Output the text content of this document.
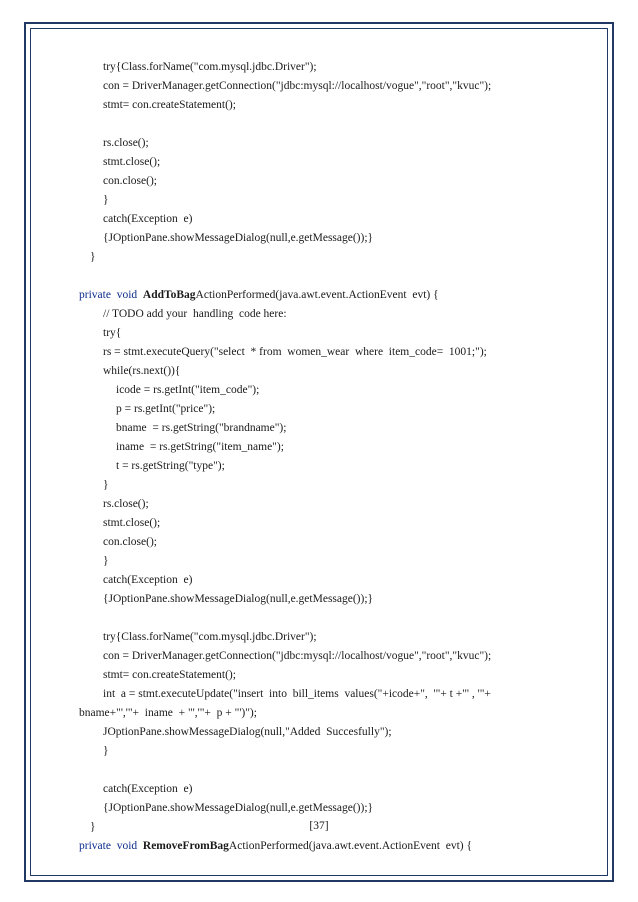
try{Class.forName("com.mysql.jdbc.Driver");
con = DriverManager.getConnection("jdbc:mysql://localhost/vogue","root","kvuc");
stmt= con.createStatement();
rs.close();
stmt.close();
con.close();
}
catch(Exception  e)
{JOptionPane.showMessageDialog(null,e.getMessage());}
}
private void AddToBagActionPerformed(java.awt.event.ActionEvent  evt) {
// TODO add your  handling  code here:
try{
rs = stmt.executeQuery("select  * from  women_wear  where  item_code=  1001;");
while(rs.next()){
icode = rs.getInt("item_code");
p = rs.getInt("price");
bname  = rs.getString("brandname");
iname  = rs.getString("item_name");
t = rs.getString("type");
}
rs.close();
stmt.close();
con.close();
}
catch(Exception  e)
{JOptionPane.showMessageDialog(null,e.getMessage());}
try{Class.forName("com.mysql.jdbc.Driver");
con = DriverManager.getConnection("jdbc:mysql://localhost/vogue","root","kvuc");
stmt= con.createStatement();
int  a = stmt.executeUpdate("insert  into  bill_items  values("+icode+",  '"+ t +"' , '"+
bname+"','"+  iname  + "','"+  p + "')");
JOptionPane.showMessageDialog(null,"Added  Succesfully");
}
catch(Exception  e)
{JOptionPane.showMessageDialog(null,e.getMessage());}
}
private void RemoveFromBagActionPerformed(java.awt.event.ActionEvent  evt) {
[37]
